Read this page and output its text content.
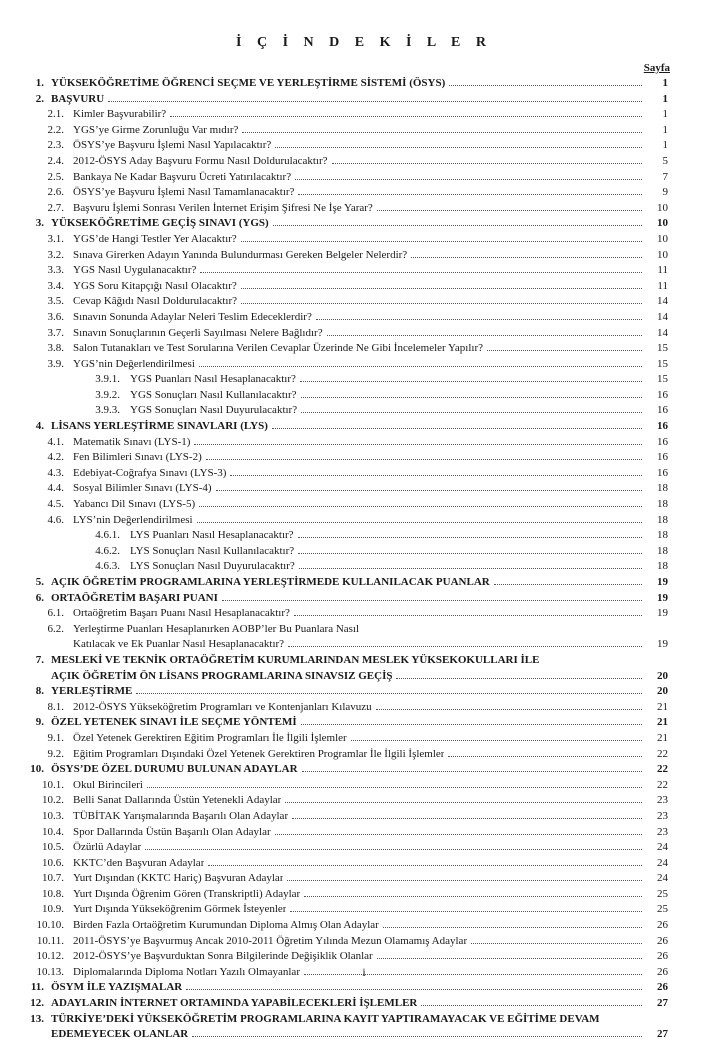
İ Ç İ N D E K İ L E R
Sayfa
1. YÜKSEKÖĞRETİME ÖĞRENCİ SEÇME VE YERLEŞTİRME SİSTEMİ (ÖSYS)	1
2. BAŞVURU	1
2.1. Kimler Başvurabilir?	1
2.2. YGS’ye Girme Zorunluğu Var mıdır?	1
2.3. ÖSYS’ye Başvuru İşlemi Nasıl Yapılacaktır?	1
2.4. 2012-ÖSYS Aday Başvuru Formu Nasıl Doldurulacaktır?	5
2.5. Bankaya Ne Kadar Başvuru Ücreti Yatırılacaktır?	7
2.6. ÖSYS’ye Başvuru İşlemi Nasıl Tamamlanacaktır?	9
2.7. Başvuru İşlemi Sonrası Verilen İnternet Erişim Şifresi Ne İşe Yarar?	10
3. YÜKSEKÖĞRETİME GEÇİŞ SINAVI (YGS)	10
3.1. YGS’de Hangi Testler Yer Alacaktır?	10
3.2. Sınava Girerken Adayın Yanında Bulundurması Gereken Belgeler Nelerdir?	10
3.3. YGS Nasıl Uygulanacaktır?	11
3.4. YGS Soru Kitapçığı Nasıl Olacaktır?	11
3.5. Cevap Kâğıdı Nasıl Doldurulacaktır?	14
3.6. Sınavın Sonunda Adaylar Neleri Teslim Edeceklerdir?	14
3.7. Sınavın Sonuçlarının Geçerli Sayılması Nelere Bağlıdır?	14
3.8. Salon Tutanakları ve Test Sorularına Verilen Cevaplar Üzerinde Ne Gibi İncelemeler Yapılır?	15
3.9. YGS’nin Değerlendirilmesi	15
3.9.1. YGS Puanları Nasıl Hesaplanacaktır?	15
3.9.2. YGS Sonuçları Nasıl Kullanılacaktır?	16
3.9.3. YGS Sonuçları Nasıl Duyurulacaktır?	16
4. LİSANS YERLEŞTİRME SINAVLARI (LYS)	16
4.1. Matematik Sınavı (LYS-1)	16
4.2. Fen Bilimleri Sınavı (LYS-2)	16
4.3. Edebiyat-Coğrafya Sınavı (LYS-3)	16
4.4. Sosyal Bilimler Sınavı (LYS-4)	18
4.5. Yabancı Dil Sınavı (LYS-5)	18
4.6. LYS’nin Değerlendirilmesi	18
4.6.1. LYS Puanları Nasıl Hesaplanacaktır?	18
4.6.2. LYS Sonuçları Nasıl Kullanılacaktır?	18
4.6.3. LYS Sonuçları Nasıl Duyurulacaktır?	18
5. AÇIK ÖĞRETİM PROGRAMLARINA YERLEŞTİRMEDE KULLANILACAK PUANLAR	19
6. ORTAÖĞRETİM BAŞARI PUANI	19
6.1. Ortaöğretim Başarı Puanı Nasıl Hesaplanacaktır?	19
6.2. Yerleştirme Puanları Hesaplanırken AOBP’ler Bu Puanlara Nasıl
Katılacak ve Ek Puanlar Nasıl Hesaplanacaktır?	19
7. MESLEKİ VE TEKNİK ORTAÖĞRETİM KURUMLARINDAN MESLEK YÜKSEKOKULLARI İLE
AÇIK ÖĞRETİM ÖN LİSANS PROGRAMLARINA SINAVSIZ GEÇİŞ	20
8. YERLEŞTİRME	20
8.1. 2012-ÖSYS Yükseköğretim Programları ve Kontenjanları Kılavuzu	21
9. ÖZEL YETENEK SINAVI İLE SEÇME YÖNTEMİ	21
9.1. Özel Yetenek Gerektiren Eğitim Programları İle İlgili İşlemler	21
9.2. Eğitim Programları Dışındaki Özel Yetenek Gerektiren Programlar İle İlgili İşlemler	22
10. ÖSYS’DE ÖZEL DURUMU BULUNAN ADAYLAR	22
10.1. Okul Birincileri	22
10.2. Belli Sanat Dallarında Üstün Yetenekli Adaylar	23
10.3. TÜBİTAK Yarışmalarında Başarılı Olan Adaylar	23
10.4. Spor Dallarında Üstün Başarılı Olan Adaylar	23
10.5. Özürlü Adaylar	24
10.6. KKTC’den Başvuran Adaylar	24
10.7. Yurt Dışından (KKTC Hariç) Başvuran Adaylar	24
10.8. Yurt Dışında Öğrenim Gören (Transkriptli) Adaylar	25
10.9. Yurt Dışında Yükseköğrenim Görmek İsteyenler	25
10.10. Birden Fazla Ortaöğretim Kurumundan Diploma Almış Olan Adaylar	26
10.11. 2011-ÖSYS’ye Başvurmuş Ancak 2010-2011 Öğretim Yılında Mezun Olamamış Adaylar	26
10.12. 2012-ÖSYS’ye Başvurduktan Sonra Bilgilerinde Değişiklik Olanlar	26
10.13. Diplomalarında Diploma Notları Yazılı Olmayanlar	26
11. ÖSYM İLE YAZIŞMALAR	26
12. ADAYLARIN İNTERNET ORTAMINDA YAPABİLECEKLERİ İŞLEMLER	27
13. TÜRKİYE’DEKİ YÜKSEKÖĞRETİM PROGRAMLARINA KAYIT YAPTIRAMAYACAK VE EĞİTİME DEVAM
EDEMEYECEK OLANLAR	27
i
